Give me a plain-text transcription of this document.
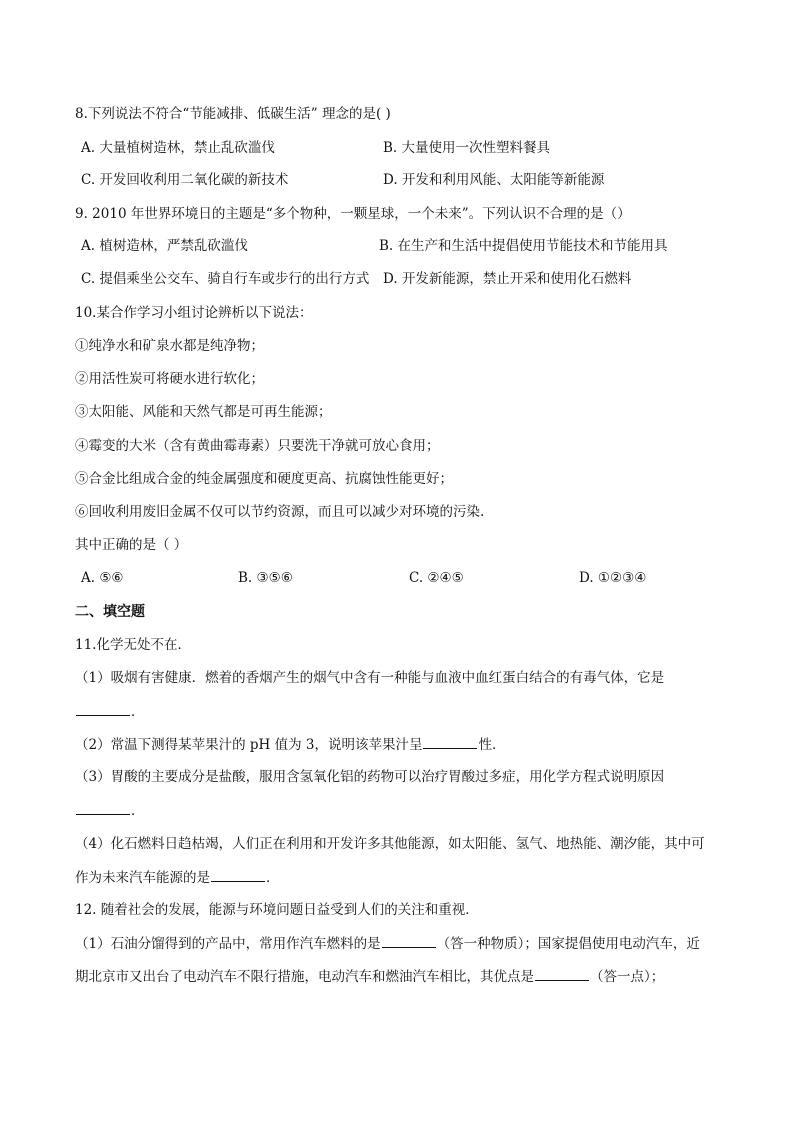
8.下列说法不符合“节能减排、低碳生活” 理念的是( )
A. 大量植树造林，禁止乱砍滥伐	B. 大量使用一次性塑料餐具
C. 开发回收利用二氧化碳的新技术	D. 开发和利用风能、太阳能等新能源
9. 2010 年世界环境日的主题是“多个物种，一颗星球，一个未来”。下列认识不合理的是（）
A. 植树造林，严禁乱砍滥伐	B. 在生产和生活中提倡使用节能技术和节能用具
C. 提倡乘坐公交车、骑自行车或步行的出行方式 D. 开发新能源，禁止开采和使用化石燃料
10.某合作学习小组讨论辨析以下说法：
①纯净水和矿泉水都是纯净物；
②用活性炭可将硬水进行软化；
③太阳能、风能和天然气都是可再生能源；
④霉变的大米（含有黄曲霉毒素）只要洗干净就可放心食用；
⑤合金比组成合金的纯金属强度和硬度更高、抗腐蚀性能更好；
⑥回收利用废旧金属不仅可以节约资源，而且可以减少对环境的污染.
其中正确的是（ ）
A. ⑤⑥	B. ③⑤⑥	C. ②④⑤	D. ①②③④
二、填空题
11.化学无处不在．
（1）吸烟有害健康．燃着的香烟产生的烟气中含有一种能与血液中血红蛋白结合的有毒气体，它是
．
（2）常温下测得某苹果汁的 pH 值为 3，说明该苹果汁呈	性．
（3）胃酸的主要成分是盐酸，服用含氢氧化铝的药物可以治疗胃酸过多症，用化学方程式说明原因
．
（4）化石燃料日趋枯竭，人们正在利用和开发许多其他能源，如太阳能、氢气、地热能、潮汐能，其中可
作为未来汽车能源的是	．
12. 随着社会的发展，能源与环境问题日益受到人们的关注和重视．
（1）石油分馏得到的产品中，常用作汽车燃料的是	（答一种物质）；国家提倡使用电动汽车，近
期北京市又出台了电动汽车不限行措施，电动汽车和燃油汽车相比，其优点是	（答一点）；
